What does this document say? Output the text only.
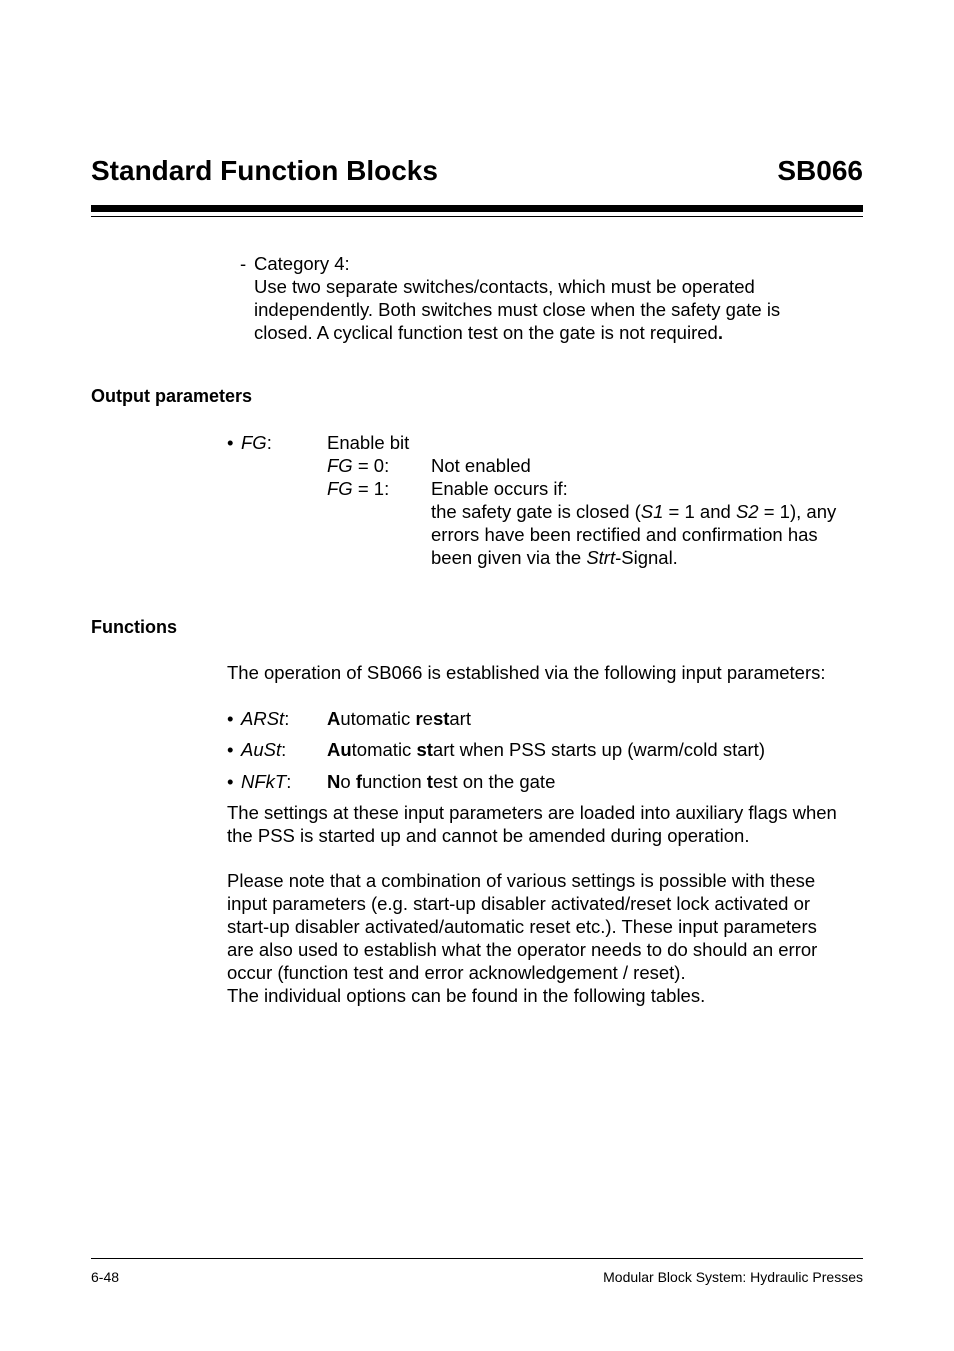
Standard Function Blocks	SB066
- Category 4:
Use two separate switches/contacts, which must be operated
independently. Both switches must close when the safety gate is
closed. A cyclical function test on the gate is not required.
Output parameters
• FG:	Enable bit
FG = 0: Not enabled
FG = 1: Enable occurs if:
the safety gate is closed (S1 = 1 and S2 = 1), any
errors have been rectified and confirmation has
been given via the Strt-Signal.
Functions
The operation of SB066 is established via the following input parameters:
• ARSt: Automatic restart
• AuSt: Automatic start when PSS starts up (warm/cold start)
• NFkT: No function test on the gate
The settings at these input parameters are loaded into auxiliary flags when
the PSS is started up and cannot be amended during operation.
Please note that a combination of various settings is possible with these
input parameters (e.g. start-up disabler activated/reset lock activated or
start-up disabler activated/automatic reset etc.). These input parameters
are also used to establish what the operator needs to do should an error
occur (function test and error acknowledgement / reset).
The individual options can be found in the following tables.
6-48	Modular Block System: Hydraulic Presses
